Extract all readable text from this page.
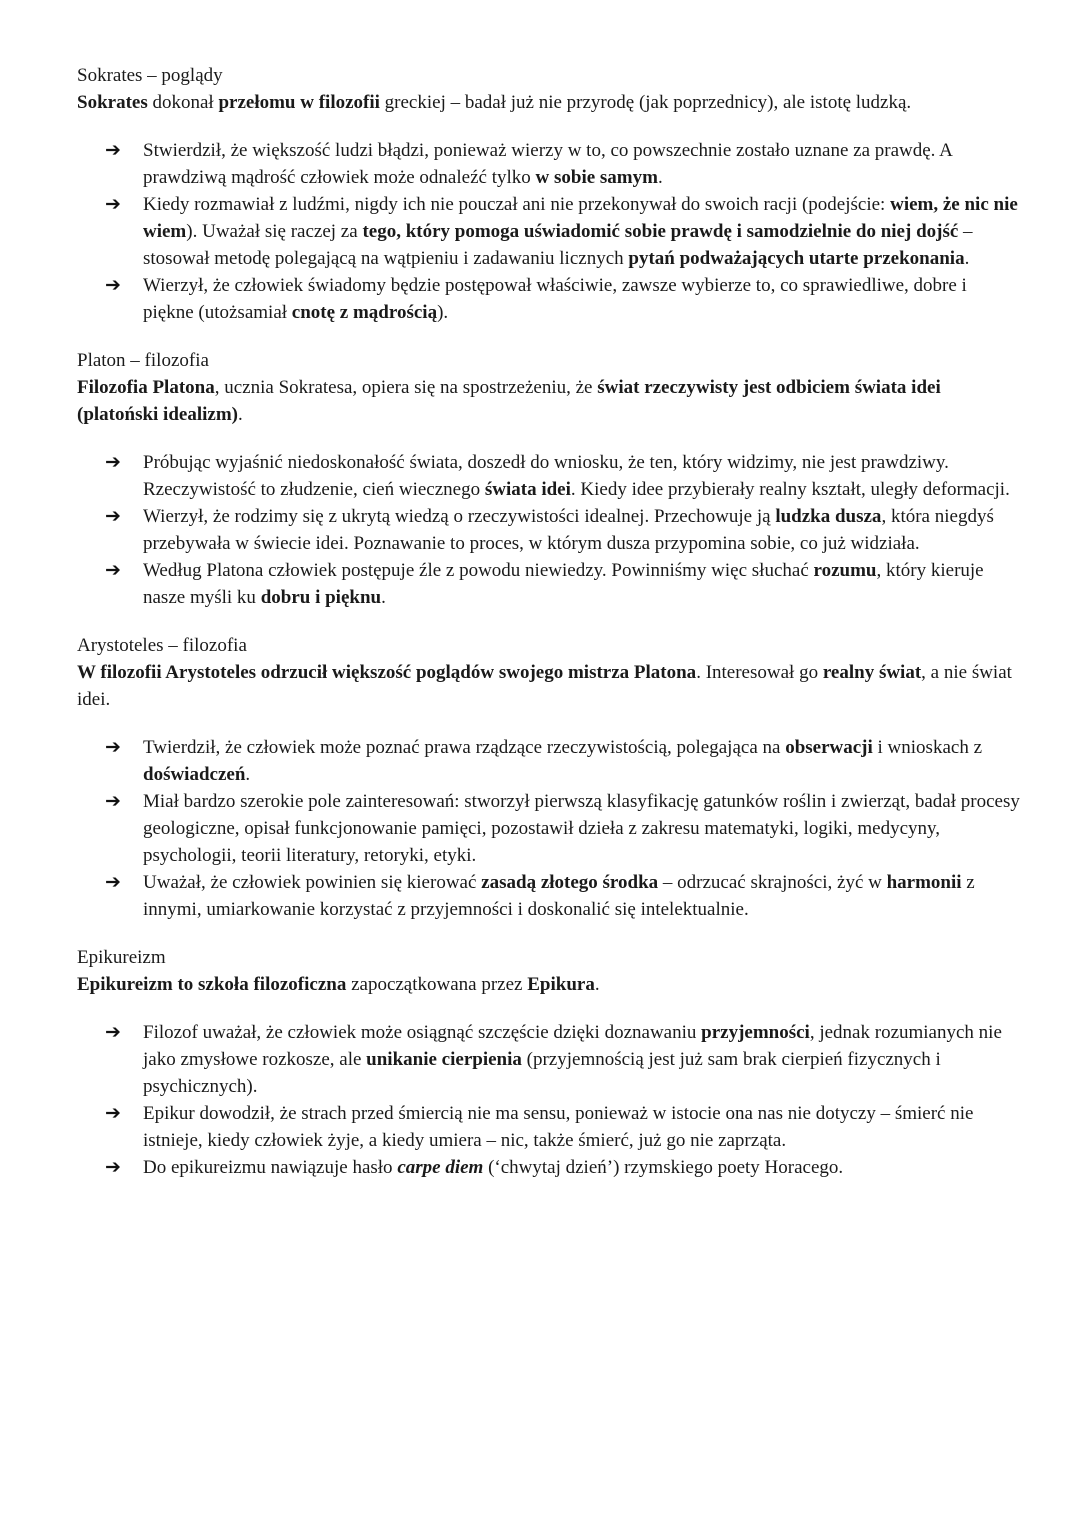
Sokrates – poglądy

Sokrates dokonał przełomu w filozofii greckiej – badał już nie przyrodę (jak poprzednicy), ale istotę ludzką.

➔ Stwierdził, że większość ludzi błądzi, ponieważ wierzy w to, co powszechnie zostało uznane za prawdę. A prawdziwą mądrość człowiek może odnaleźć tylko w sobie samym.
➔ Kiedy rozmawiał z ludźmi, nigdy ich nie pouczał ani nie przekonywał do swoich racji (podejście: wiem, że nic nie wiem). Uważał się raczej za tego, który pomoga uświadomić sobie prawdę i samodzielnie do niej dojść – stosował metodę polegającą na wątpieniu i zadawaniu licznych pytań podważających utarte przekonania.
➔ Wierzył, że człowiek świadomy będzie postępował właściwie, zawsze wybierze to, co sprawiedliwe, dobre i piękne (utożsamiał cnotę z mądrością).

Platon – filozofia

Filozofia Platona, ucznia Sokratesa, opiera się na spostrzeżeniu, że świat rzeczywisty jest odbiciem świata idei (platoński idealizm).

➔ Próbując wyjaśnić niedoskonałość świata, doszedł do wniosku, że ten, który widzimy, nie jest prawdziwy. Rzeczywistość to złudzenie, cień wiecznego świata idei. Kiedy idee przybierały realny kształt, uległy deformacji.
➔ Wierzył, że rodzimy się z ukrytą wiedzą o rzeczywistości idealnej. Przechowuje ją ludzka dusza, która niegdyś przebywała w świecie idei. Poznawanie to proces, w którym dusza przypomina sobie, co już widziała.
➔ Według Platona człowiek postępuje źle z powodu niewiedzy. Powinniśmy więc słuchać rozumu, który kieruje nasze myśli ku dobru i pięknu.

Arystoteles – filozofia

W filozofii Arystoteles odrzucił większość poglądów swojego mistrza Platona. Interesował go realny świat, a nie świat idei.

➔ Twierdził, że człowiek może poznać prawa rządzące rzeczywistością, polegająca na obserwacji i wnioskach z doświadczeń.
➔ Miał bardzo szerokie pole zainteresowań: stworzył pierwszą klasyfikację gatunków roślin i zwierząt, badał procesy geologiczne, opisał funkcjonowanie pamięci, pozostawił dzieła z zakresu matematyki, logiki, medycyny, psychologii, teorii literatury, retoryki, etyki.
➔ Uważał, że człowiek powinien się kierować zasadą złotego środka – odrzucać skrajności, żyć w harmonii z innymi, umiarkowanie korzystać z przyjemności i doskonalić się intelektualnie.

Epikureizm

Epikureizm to szkoła filozoficzna zapoczątkowana przez Epikura.

➔ Filozof uważał, że człowiek może osiągnąć szczęście dzięki doznawaniu przyjemności, jednak rozumianych nie jako zmysłowe rozkosze, ale unikanie cierpienia (przyjemnością jest już sam brak cierpień fizycznych i psychicznych).
➔ Epikur dowodził, że strach przed śmiercią nie ma sensu, ponieważ w istocie ona nas nie dotyczy – śmierć nie istnieje, kiedy człowiek żyje, a kiedy umiera – nic, także śmierć, już go nie zaprząta.
➔ Do epikureizmu nawiązuje hasło carpe diem (‘chwytaj dzień’) rzymskiego poety Horacego.
